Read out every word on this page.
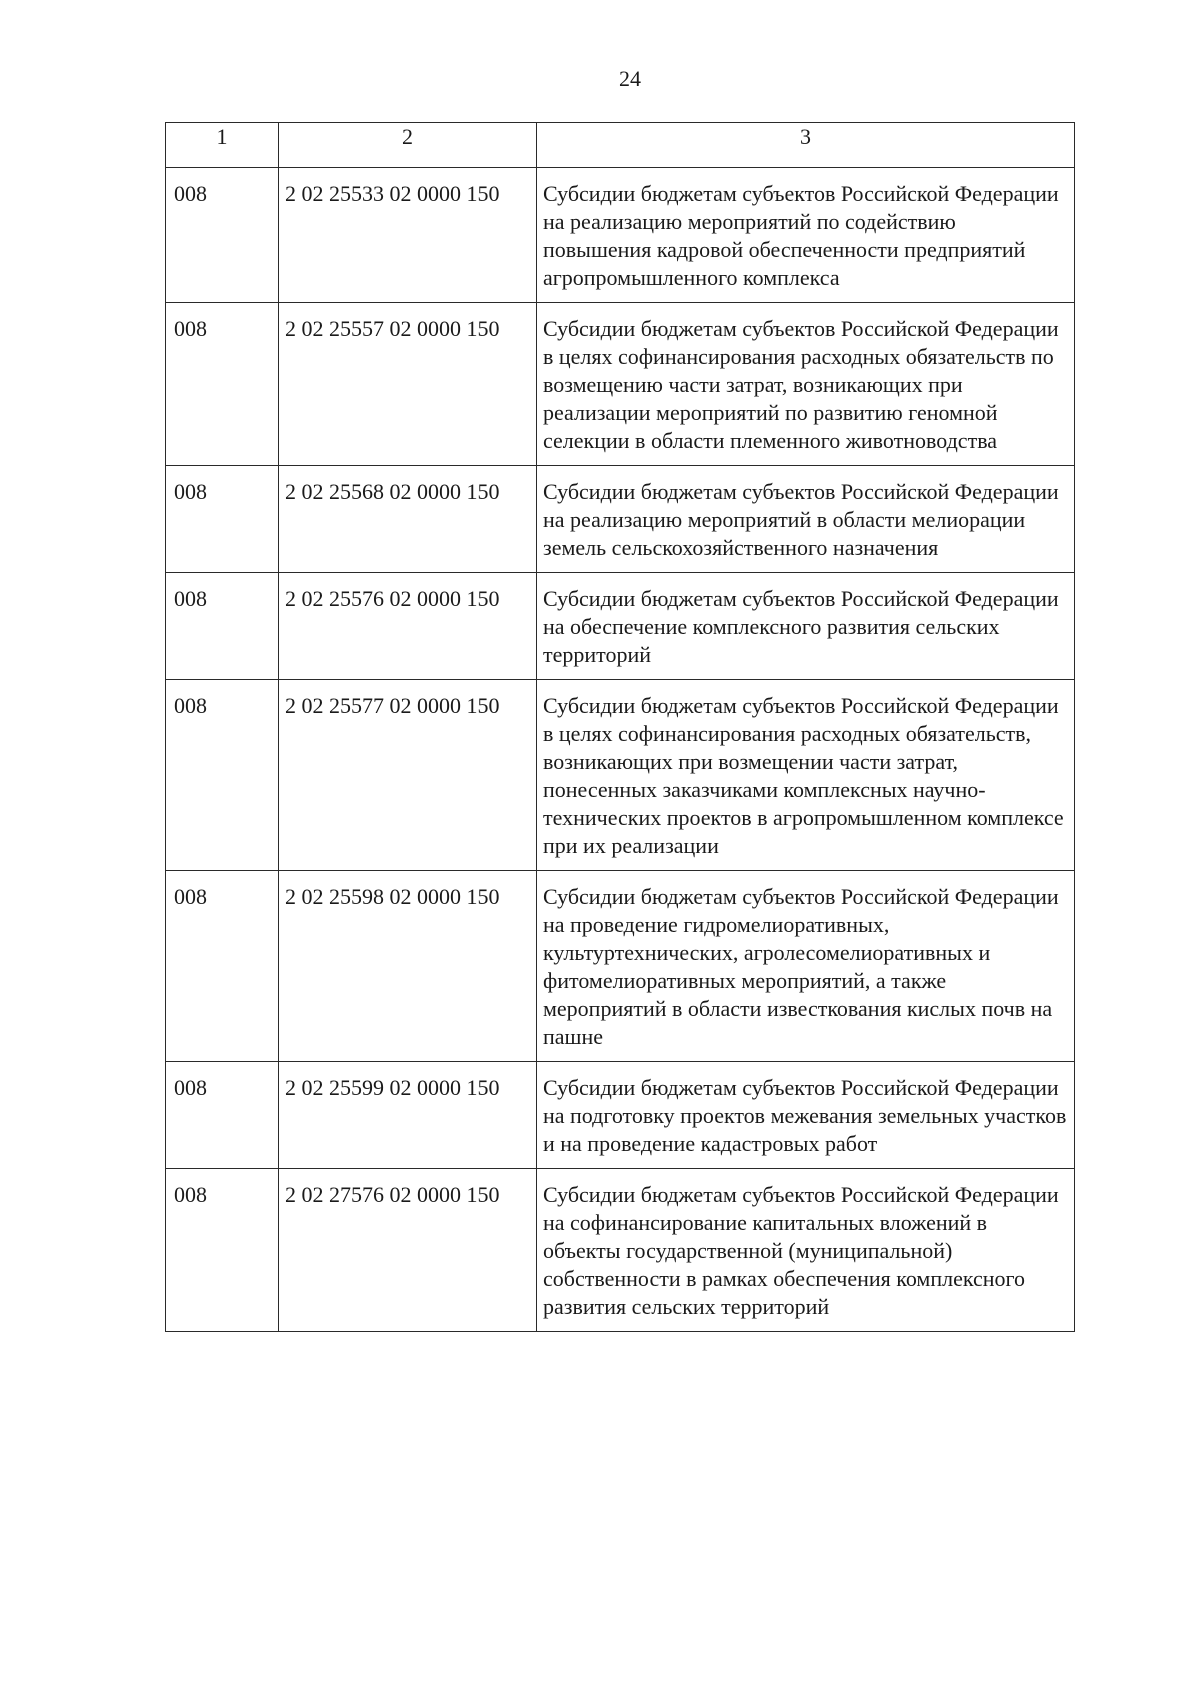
24
1	2	3
008	2 02 25533 02 0000 150	Субсидии бюджетам субъектов Российской Федерации на реализацию мероприятий по содействию повышения кадровой обеспеченности предприятий агропромышленного комплекса
008	2 02 25557 02 0000 150	Субсидии бюджетам субъектов Российской Федерации в целях софинансирования расходных обязательств по возмещению части затрат, возникающих при реализации мероприятий по развитию геномной селекции в области племенного животноводства
008	2 02 25568 02 0000 150	Субсидии бюджетам субъектов Российской Федерации на реализацию мероприятий в области мелиорации земель сельскохозяйственного назначения
008	2 02 25576 02 0000 150	Субсидии бюджетам субъектов Российской Федерации на обеспечение комплексного развития сельских территорий
008	2 02 25577 02 0000 150	Субсидии бюджетам субъектов Российской Федерации в целях софинансирования расходных обязательств, возникающих при возмещении части затрат, понесенных заказчиками комплексных научно-технических проектов в агропромышленном комплексе при их реализации
008	2 02 25598 02 0000 150	Субсидии бюджетам субъектов Российской Федерации на проведение гидромелиоративных, культуртехнических, агролесомелиоративных и фитомелиоративных мероприятий, а также мероприятий в области известкования кислых почв на пашне
008	2 02 25599 02 0000 150	Субсидии бюджетам субъектов Российской Федерации на подготовку проектов межевания земельных участков и на проведение кадастровых работ
008	2 02 27576 02 0000 150	Субсидии бюджетам субъектов Российской Федерации на софинансирование капитальных вложений в объекты государственной (муниципальной) собственности в рамках обеспечения комплексного развития сельских территорий
